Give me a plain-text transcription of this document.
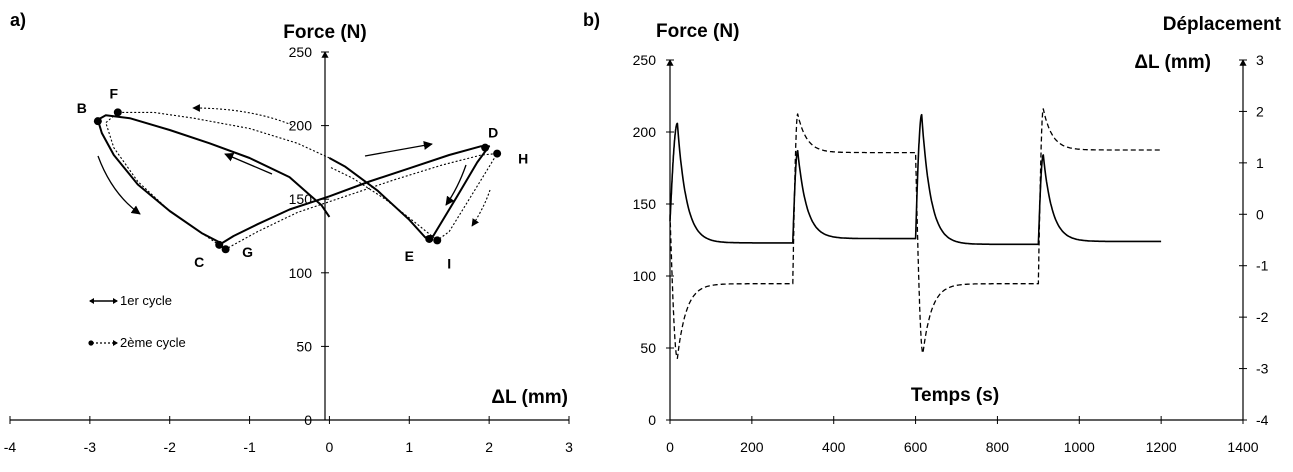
a)
-4	-3	-2	-1	0	1	2	3
0
50
100
150
200
250
Force (N)
ΔL (mm)
B
F
C
G
D
H
E I
1er cycle
2ème cycle
b)
0	200	400	600	800	1000	1200	1400
0
50
100
150
200
250
-4
-3
-2
-1
0
1
2
3
Force (N)	Déplacement
ΔL (mm)
Temps (s)
